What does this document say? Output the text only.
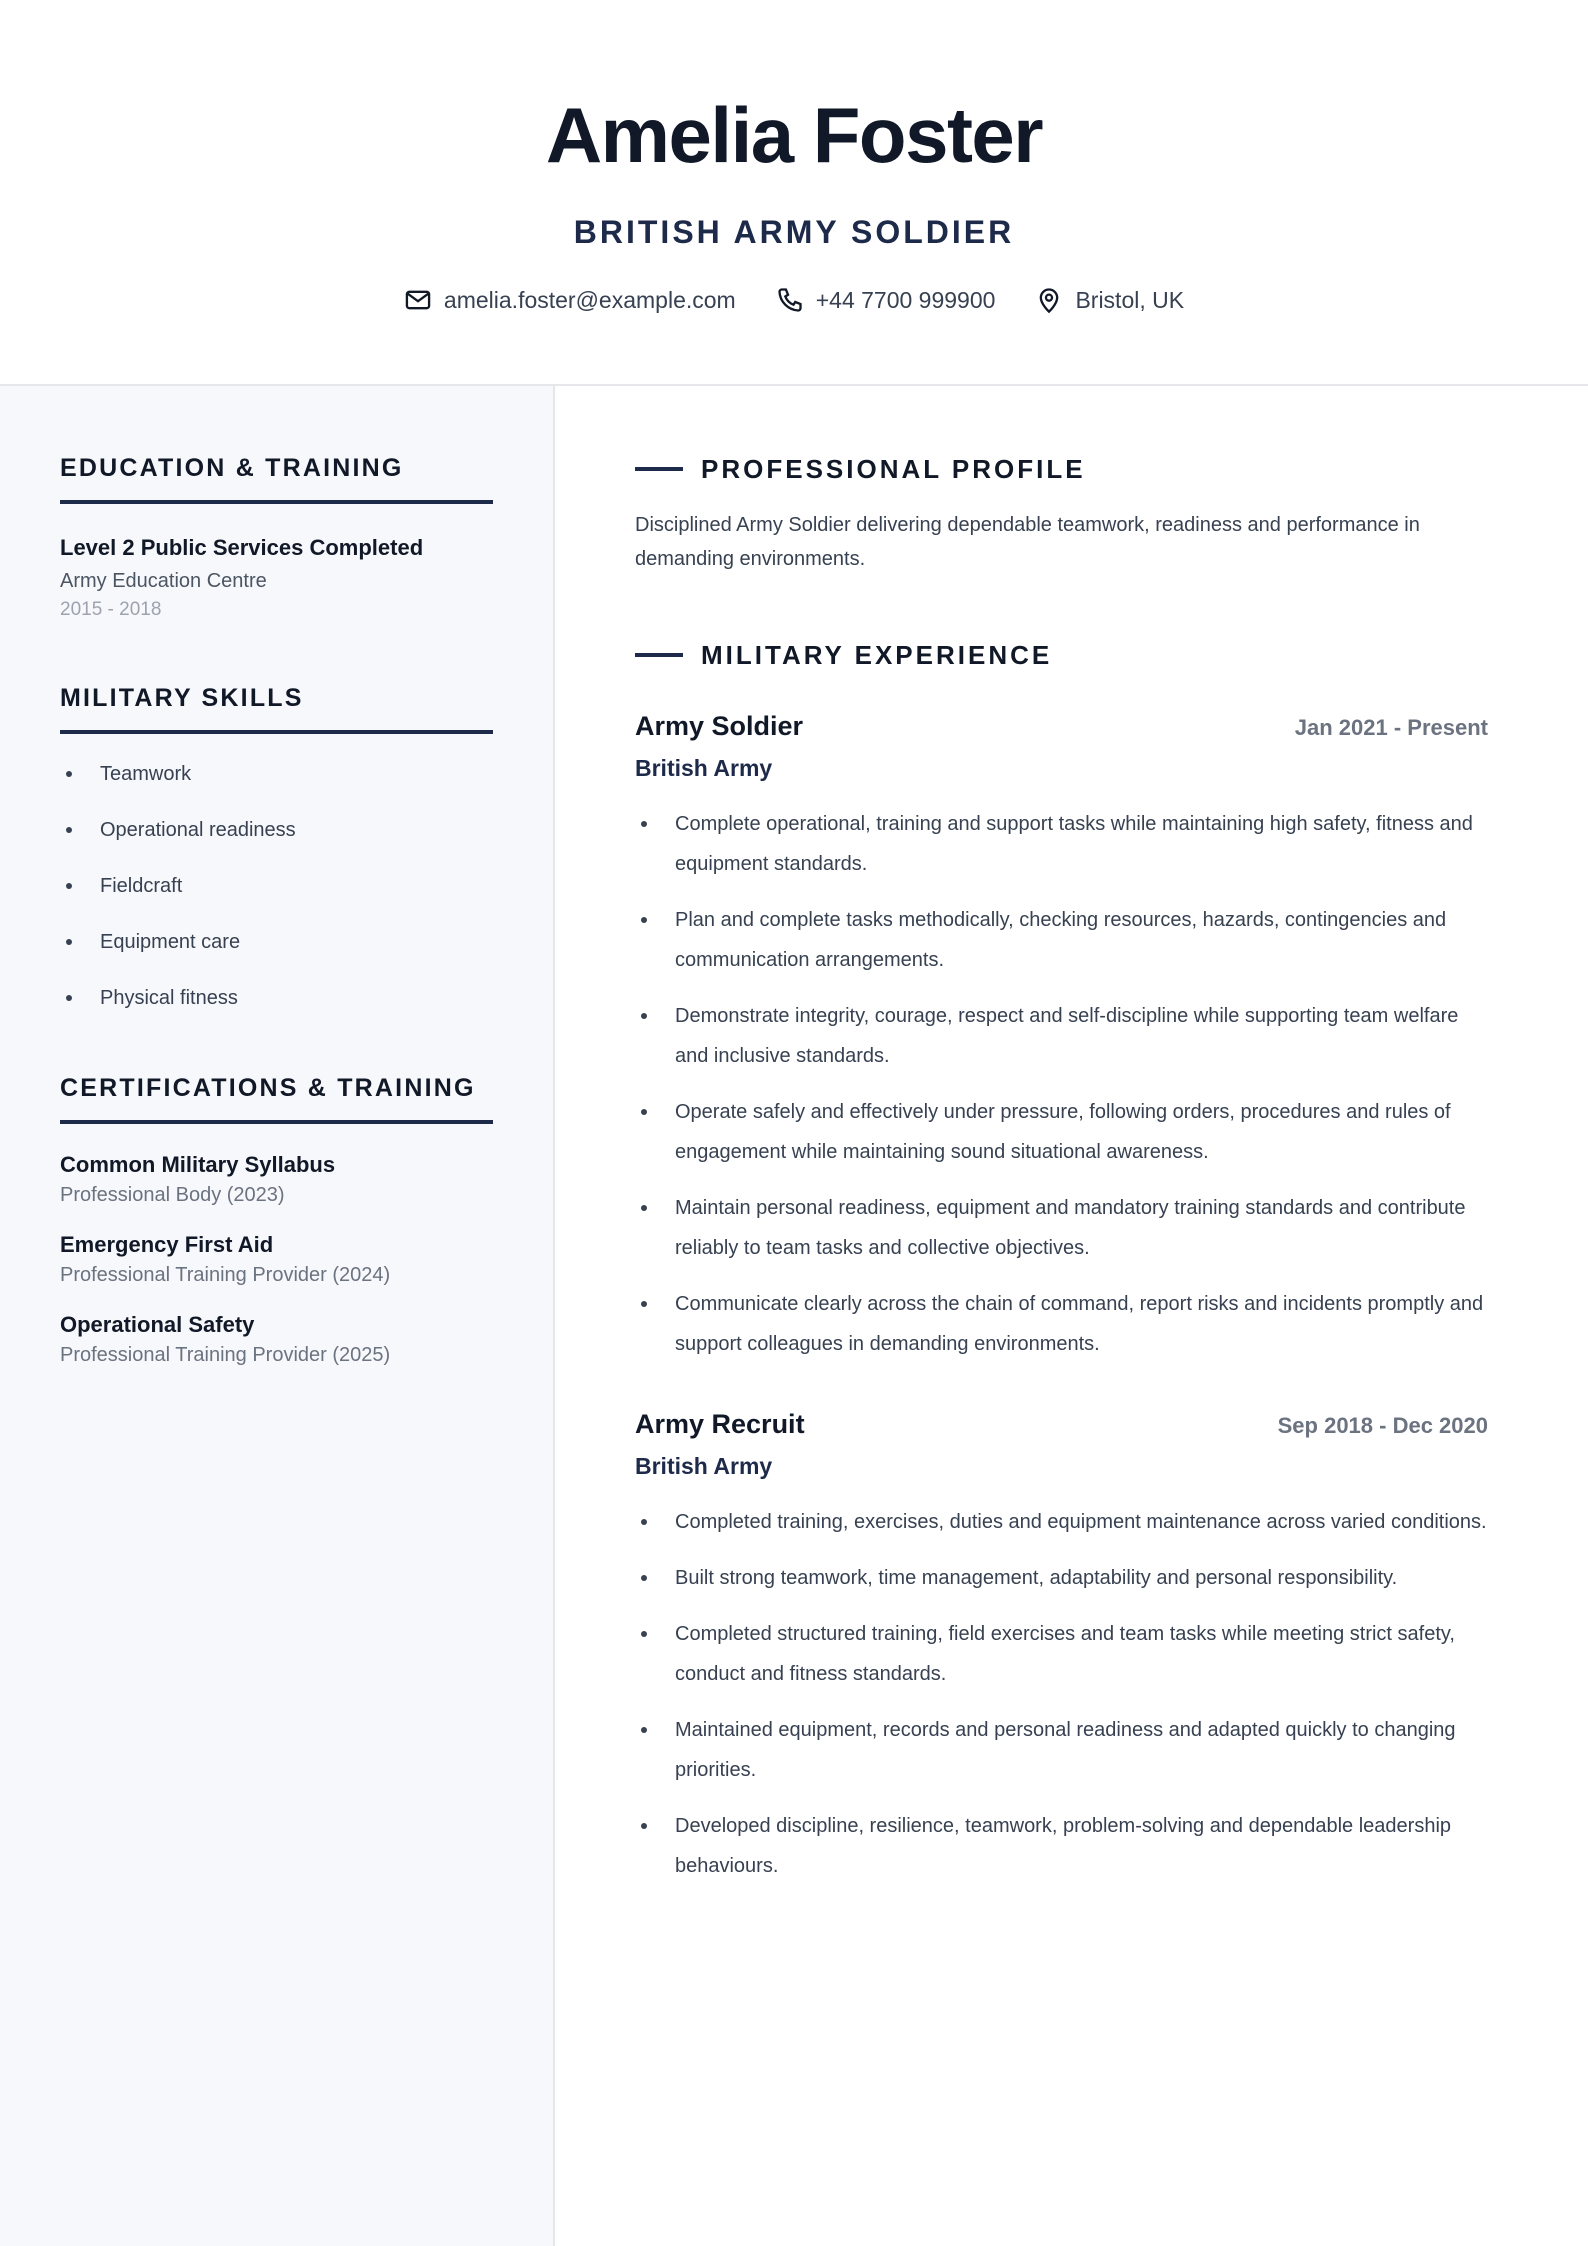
Amelia Foster
BRITISH ARMY SOLDIER
amelia.foster@example.com	+44 7700 999900	Bristol, UK
EDUCATION & TRAINING
Level 2 Public Services Completed
Army Education Centre
2015 - 2018
MILITARY SKILLS
Teamwork
Operational readiness
Fieldcraft
Equipment care
Physical fitness
CERTIFICATIONS & TRAINING
Common Military Syllabus
Professional Body (2023)
Emergency First Aid
Professional Training Provider (2024)
Operational Safety
Professional Training Provider (2025)
PROFESSIONAL PROFILE

Disciplined Army Soldier delivering dependable teamwork, readiness and performance in demanding environments.

MILITARY EXPERIENCE
Army Soldier	Jan 2021 - Present
British Army
Complete operational, training and support tasks while maintaining high safety, fitness and equipment standards.
Plan and complete tasks methodically, checking resources, hazards, contingencies and communication arrangements.
Demonstrate integrity, courage, respect and self-discipline while supporting team welfare and inclusive standards.
Operate safely and effectively under pressure, following orders, procedures and rules of engagement while maintaining sound situational awareness.
Maintain personal readiness, equipment and mandatory training standards and contribute reliably to team tasks and collective objectives.
Communicate clearly across the chain of command, report risks and incidents promptly and support colleagues in demanding environments.
Army Recruit	Sep 2018 - Dec 2020
British Army
Completed training, exercises, duties and equipment maintenance across varied conditions.
Built strong teamwork, time management, adaptability and personal responsibility.
Completed structured training, field exercises and team tasks while meeting strict safety, conduct and fitness standards.
Maintained equipment, records and personal readiness and adapted quickly to changing priorities.
Developed discipline, resilience, teamwork, problem-solving and dependable leadership behaviours.
